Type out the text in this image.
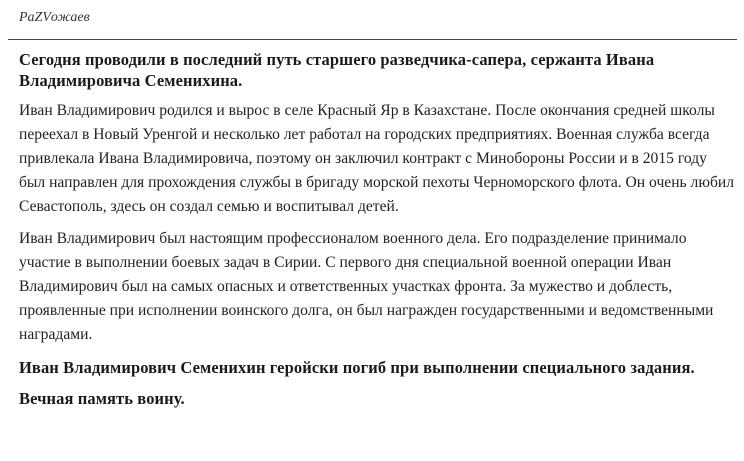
PaZVожаев

Сегодня проводили в последний путь старшего разведчика-сапера, сержанта Ивана Владимировича Семенихина.

Иван Владимирович родился и вырос в селе Красный Яр в Казахстане. После окончания средней школы переехал в Новый Уренгой и несколько лет работал на городских предприятиях. Военная служба всегда привлекала Ивана Владимировича, поэтому он заключил контракт с Минобороны России и в 2015 году был направлен для прохождения службы в бригаду морской пехоты Черноморского флота. Он очень любил Севастополь, здесь он создал семью и воспитывал детей.

Иван Владимирович был настоящим профессионалом военного дела. Его подразделение принимало участие в выполнении боевых задач в Сирии. С первого дня специальной военной операции Иван Владимирович был на самых опасных и ответственных участках фронта. За мужество и доблесть, проявленные при исполнении воинского долга, он был награжден государственными и ведомственными наградами.

Иван Владимирович Семенихин геройски погиб при выполнении специального задания.

Вечная память воину.
